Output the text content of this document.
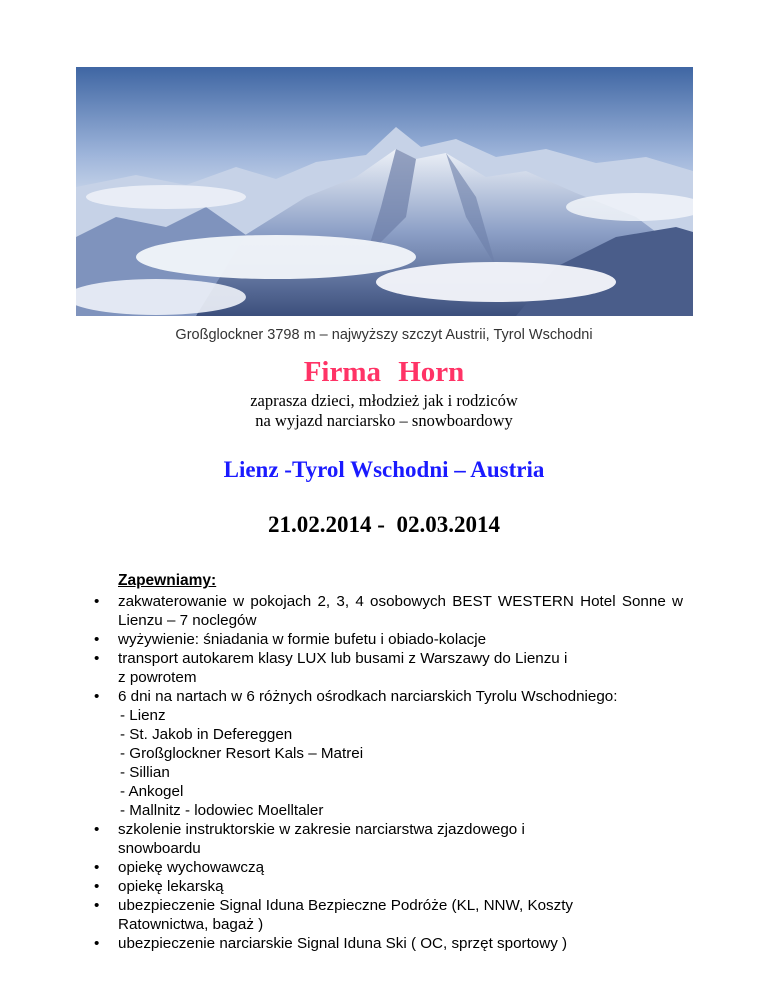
Großglockner 3798 m – najwyższy szczyt Austrii, Tyrol Wschodni
Firma Horn
zaprasza dzieci, młodzież jak i rodziców
na wyjazd narciarsko – snowboardowy
Lienz -Tyrol Wschodni – Austria
21.02.2014 -  02.03.2014
Zapewniamy:
• zakwaterowanie w pokojach 2, 3, 4 osobowych BEST WESTERN Hotel Sonne w Lienzu – 7 noclegów
• wyżywienie: śniadania w formie bufetu i obiado-kolacje
• transport autokarem klasy LUX lub busami z Warszawy do Lienzu i z powrotem
• 6 dni na nartach w 6 różnych ośrodkach narciarskich Tyrolu Wschodniego:
- Lienz
- St. Jakob in Defereggen
- Großglockner Resort Kals – Matrei
- Sillian
- Ankogel
- Mallnitz - lodowiec Moelltaler
• szkolenie instruktorskie w zakresie narciarstwa zjazdowego i snowboardu
• opiekę wychowawczą
• opiekę lekarską
• ubezpieczenie Signal Iduna Bezpieczne Podróże (KL, NNW, Koszty Ratownictwa, bagaż )
• ubezpieczenie narciarskie Signal Iduna Ski ( OC, sprzęt sportowy )
